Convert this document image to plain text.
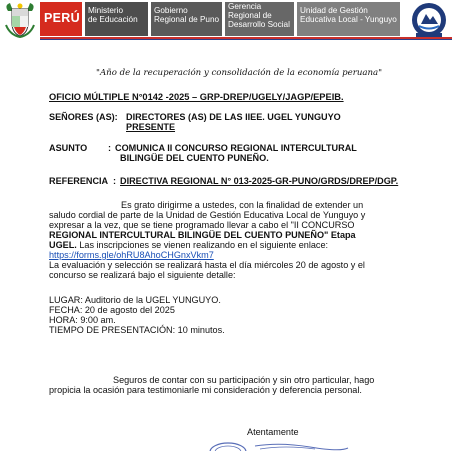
PERÚ
Ministerio
de Educación
Gobierno
Regional de Puno
Gerencia
Regional de
Desarrollo Social
Unidad de Gestión
Educativa Local - Yunguyo
"Año de la recuperación y consolidación de la economía peruana"
OFICIO MÚLTIPLE N°0142 -2025 – GRP-DREP/UGELY/JAGP/EPEIB.
SEÑORES (AS): DIRECTORES (AS) DE LAS IIEE. UGEL YUNGUYO
PRESENTE
ASUNTO : COMUNICA II CONCURSO REGIONAL INTERCULTURAL
BILINGÜE DEL CUENTO PUNEÑO.
REFERENCIA : DIRECTIVA REGIONAL N° 013-2025-GR-PUNO/GRDS/DREP/DGP.
Es grato dirigirme a ustedes, con la finalidad de extender un
saludo cordial de parte de la Unidad de Gestión Educativa Local de Yunguyo y
expresar a la vez, que se tiene programado llevar a cabo el "II CONCURSO
REGIONAL INTERCULTURAL BILINGÜE DEL CUENTO PUNEÑO" Etapa
UGEL. Las inscripciones se vienen realizando en el siguiente enlace:
https://forms.gle/ohRU8AhoCHGnxVkm7
La evaluación y selección se realizará hasta el día miércoles 20 de agosto y el
concurso se realizará bajo el siguiente detalle:
LUGAR: Auditorio de la UGEL YUNGUYO.
FECHA: 20 de agosto del 2025
HORA: 9:00 am.
TIEMPO DE PRESENTACIÓN: 10 minutos.
Seguros de contar con su participación y sin otro particular, hago
propicia la ocasión para testimoniarle mi consideración y deferencia personal.
Atentamente
